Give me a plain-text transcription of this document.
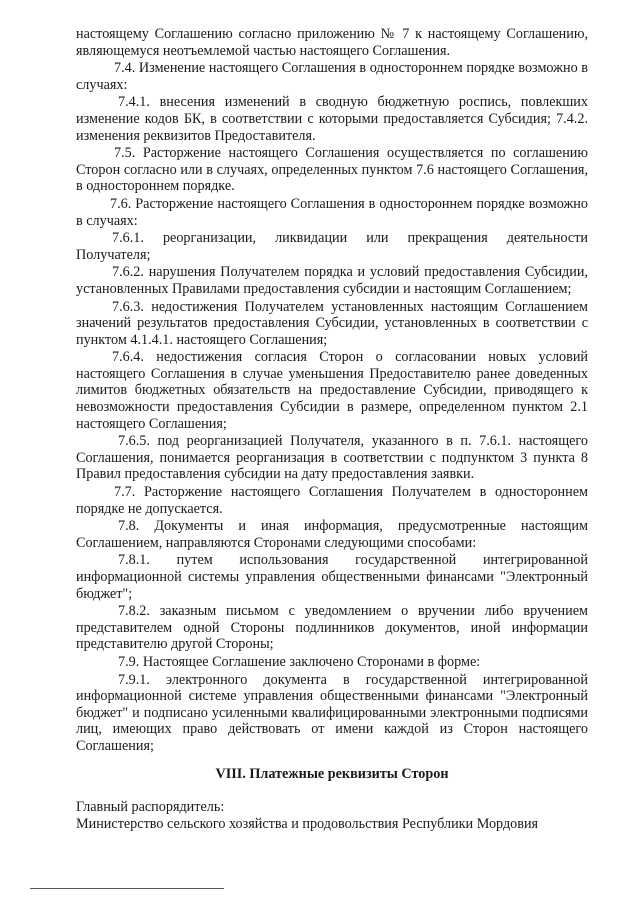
настоящему Соглашению согласно приложению № 7 к настоящему Соглашению, являющемуся неотъемлемой частью настоящего Соглашения.
7.4. Изменение настоящего Соглашения в одностороннем порядке возможно в случаях:
7.4.1. внесения изменений в сводную бюджетную роспись, повлекших изменение кодов БК, в соответствии с которыми предоставляется Субсидия; 7.4.2. изменения реквизитов Предоставителя.
7.5. Расторжение настоящего Соглашения осуществляется по соглашению Сторон согласно или в случаях, определенных пунктом 7.6 настоящего Соглашения, в одностороннем порядке.
7.6. Расторжение настоящего Соглашения в одностороннем порядке возможно в случаях:
7.6.1. реорганизации, ликвидации или прекращения деятельности Получателя;
7.6.2. нарушения Получателем порядка и условий предоставления Субсидии, установленных Правилами предоставления субсидии и настоящим Соглашением;
7.6.3. недостижения Получателем установленных настоящим Соглашением значений результатов предоставления Субсидии, установленных в соответствии с пунктом 4.1.4.1. настоящего Соглашения;
7.6.4. недостижения согласия Сторон о согласовании новых условий настоящего Соглашения в случае уменьшения Предоставителю ранее доведенных лимитов бюджетных обязательств на предоставление Субсидии, приводящего к невозможности предоставления Субсидии в размере, определенном пунктом 2.1 настоящего Соглашения;
7.6.5. под реорганизацией Получателя, указанного в п. 7.6.1. настоящего Соглашения, понимается реорганизация в соответствии с подпунктом 3 пункта 8 Правил предоставления субсидии на дату предоставления заявки.
7.7. Расторжение настоящего Соглашения Получателем в одностороннем порядке не допускается.
7.8. Документы и иная информация, предусмотренные настоящим Соглашением, направляются Сторонами следующими способами:
7.8.1. путем использования государственной интегрированной информационной системы управления общественными финансами "Электронный бюджет";
7.8.2. заказным письмом с уведомлением о вручении либо вручением представителем одной Стороны подлинников документов, иной информации представителю другой Стороны;
7.9. Настоящее Соглашение заключено Сторонами в форме:
7.9.1. электронного документа в государственной интегрированной информационной системе управления общественными финансами "Электронный бюджет" и подписано усиленными квалифицированными электронными подписями лиц, имеющих право действовать от имени каждой из Сторон настоящего Соглашения;
VIII. Платежные реквизиты Сторон
Главный распорядитель:
Министерство сельского хозяйства и продовольствия Республики Мордовия
